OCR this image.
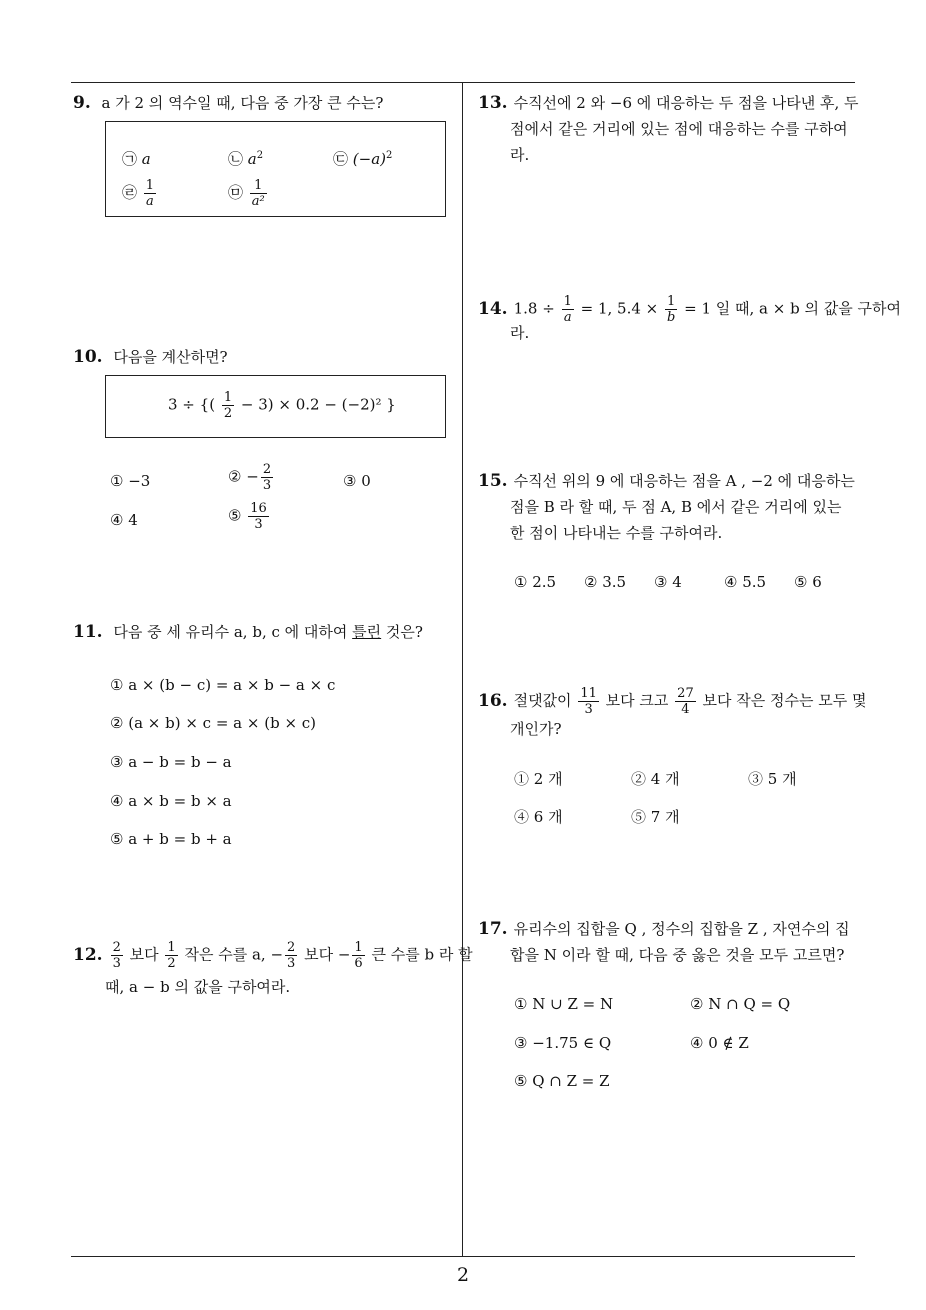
9. a 가 2 의 역수일 때, 다음 중 가장 큰 수는?
㉠ a	㉡ $a^2$	㉢ $(-a)^2$
㉣ $\frac{1}{a}$	㉤ $\frac{1}{\text{a²}}$
10. 다음을 계산하면?
3 ÷ {( $\frac{1}{2} - 3) \times 0.2 - (-2)^2$ }
① −3	② − $\frac{2}{3}$	③ 0
④ 4	⑤ $\frac{16}{3}$
11. 다음 중 세 유리수 a, b, c 에 대하여 틀린 것은?
① a × (b − c) = a × b − a × c
② (a × b) × c = a × (b × c)
③ a − b = b − a
④ a × b = b × a
⑤ a + b = b + a
12. $\frac{2}{3}$ 보다 $\frac{1}{2}$ 작은 수를 a, − $\frac{2}{3}$ 보다 − $\frac{1}{6}$ 큰 수를 b 라 할
때, a − b 의 값을 구하여라.
13. 수직선에 2 와 −6 에 대응하는 두 점을 나타낸 후, 두
점에서 같은 거리에 있는 점에 대응하는 수를 구하여
라.
14. $1.8 \div \frac{1}{a} = 1$, $5.4 \times \frac{1}{b} = 1$ 일 때, a × b 의 값을 구하여
라.
15. 수직선 위의 9 에 대응하는 점을 A , −2 에 대응하는
점을 B 라 할 때, 두 점 A, B 에서 같은 거리에 있는
한 점이 나타내는 수를 구하여라.
① 2.5 ② 3.5 ③ 4	④ 5.5 ⑤ 6
16. 절댓값이 $\frac{11}{3}$ 보다 크고 $\frac{27}{4}$ 보다 작은 정수는 모두 몇
개인가?
① 2 개	② 4 개	③ 5 개
④ 6 개	⑤ 7 개
17. 유리수의 집합을 Q , 정수의 집합을 Z , 자연수의 집
합을 N 이라 할 때, 다음 중 옳은 것을 모두 고르면?
① N ∪ Z = N	② N ∩ Q = Q
③ −1.75 ∈ Q	④ 0 ∉ Z
⑤ Q ∩ Z = Z
2
